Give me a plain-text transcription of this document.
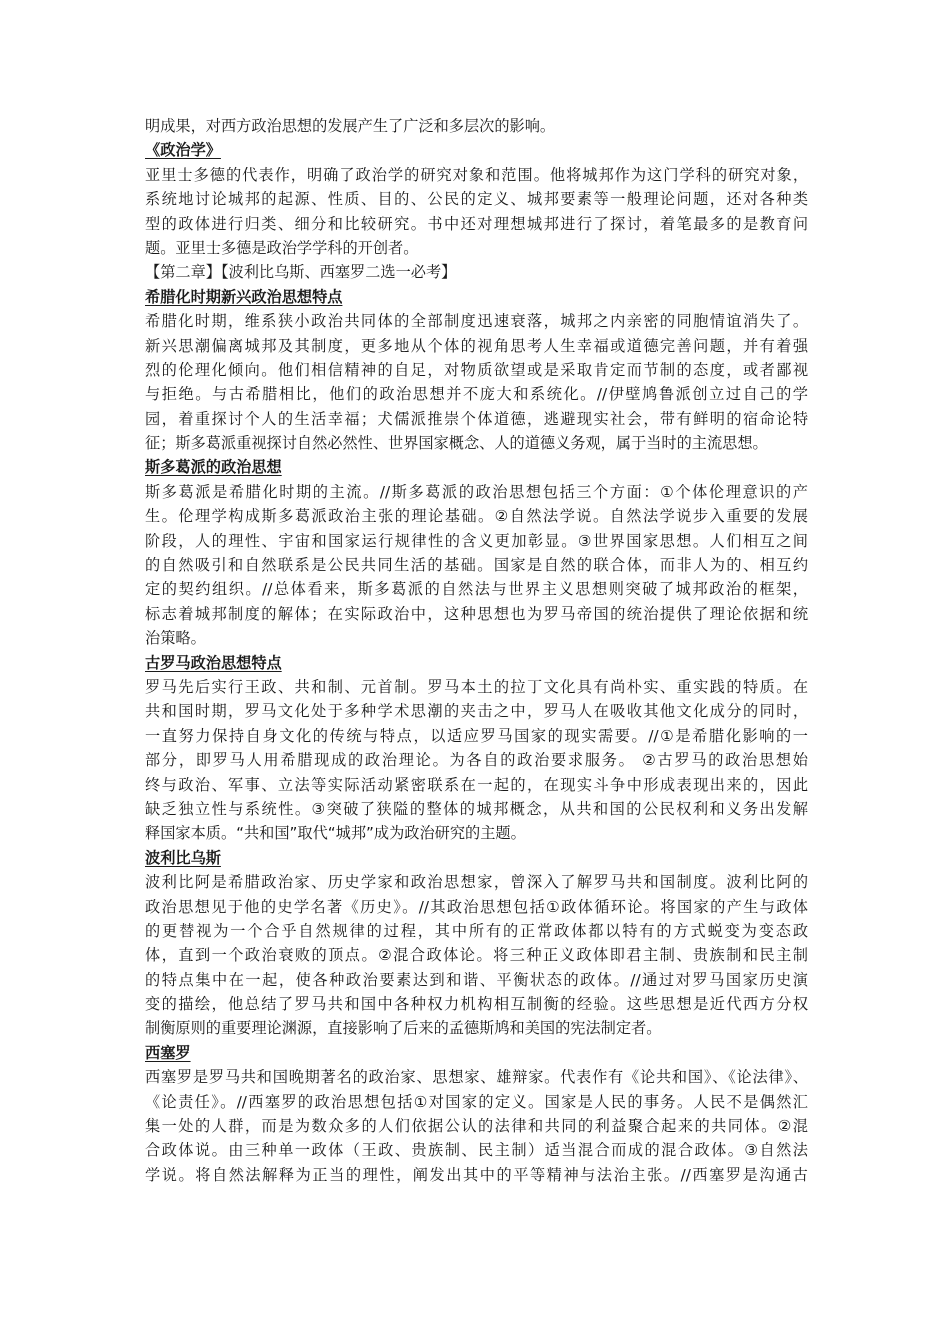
明成果，对西方政治思想的发展产生了广泛和多层次的影响。
《政治学》
亚里士多德的代表作，明确了政治学的研究对象和范围。他将城邦作为这门学科的研究对象，
系统地讨论城邦的起源、性质、目的、公民的定义、城邦要素等一般理论问题，还对各种类
型的政体进行归类、细分和比较研究。书中还对理想城邦进行了探讨，着笔最多的是教育问
题。亚里士多德是政治学学科的开创者。
【第二章】【波利比乌斯、西塞罗二选一必考】
希腊化时期新兴政治思想特点
希腊化时期，维系狭小政治共同体的全部制度迅速衰落，城邦之内亲密的同胞情谊消失了。
新兴思潮偏离城邦及其制度，更多地从个体的视角思考人生幸福或道德完善问题，并有着强
烈的伦理化倾向。他们相信精神的自足，对物质欲望或是采取肯定而节制的态度，或者鄙视
与拒绝。与古希腊相比，他们的政治思想并不庞大和系统化。//伊壁鸠鲁派创立过自己的学
园，着重探讨个人的生活幸福；犬儒派推崇个体道德，逃避现实社会，带有鲜明的宿命论特
征；斯多葛派重视探讨自然必然性、世界国家概念、人的道德义务观，属于当时的主流思想。
斯多葛派的政治思想
斯多葛派是希腊化时期的主流。//斯多葛派的政治思想包括三个方面：①个体伦理意识的产
生。伦理学构成斯多葛派政治主张的理论基础。②自然法学说。自然法学说步入重要的发展
阶段，人的理性、宇宙和国家运行规律性的含义更加彰显。③世界国家思想。人们相互之间
的自然吸引和自然联系是公民共同生活的基础。国家是自然的联合体，而非人为的、相互约
定的契约组织。//总体看来，斯多葛派的自然法与世界主义思想则突破了城邦政治的框架，
标志着城邦制度的解体；在实际政治中，这种思想也为罗马帝国的统治提供了理论依据和统
治策略。
古罗马政治思想特点
罗马先后实行王政、共和制、元首制。罗马本土的拉丁文化具有尚朴实、重实践的特质。在
共和国时期，罗马文化处于多种学术思潮的夹击之中，罗马人在吸收其他文化成分的同时，
一直努力保持自身文化的传统与特点，以适应罗马国家的现实需要。//①是希腊化影响的一
部分，即罗马人用希腊现成的政治理论。为各自的政治要求服务。 ②古罗马的政治思想始
终与政治、军事、立法等实际活动紧密联系在一起的，在现实斗争中形成表现出来的，因此
缺乏独立性与系统性。③突破了狭隘的整体的城邦概念，从共和国的公民权利和义务出发解
释国家本质。“共和国”取代“城邦”成为政治研究的主题。
波利比乌斯
波利比阿是希腊政治家、历史学家和政治思想家，曾深入了解罗马共和国制度。波利比阿的
政治思想见于他的史学名著《历史》。//其政治思想包括①政体循环论。将国家的产生与政体
的更替视为一个合乎自然规律的过程，其中所有的正常政体都以特有的方式蜕变为变态政
体，直到一个政治衰败的顶点。②混合政体论。将三种正义政体即君主制、贵族制和民主制
的特点集中在一起，使各种政治要素达到和谐、平衡状态的政体。//通过对罗马国家历史演
变的描绘，他总结了罗马共和国中各种权力机构相互制衡的经验。这些思想是近代西方分权
制衡原则的重要理论渊源，直接影响了后来的孟德斯鸠和美国的宪法制定者。
西塞罗
西塞罗是罗马共和国晚期著名的政治家、思想家、雄辩家。代表作有《论共和国》、《论法律》、
《论责任》。//西塞罗的政治思想包括①对国家的定义。国家是人民的事务。人民不是偶然汇
集一处的人群，而是为数众多的人们依据公认的法律和共同的利益聚合起来的共同体。②混
合政体说。由三种单一政体（王政、贵族制、民主制）适当混合而成的混合政体。③自然法
学说。将自然法解释为正当的理性，阐发出其中的平等精神与法治主张。//西塞罗是沟通古
